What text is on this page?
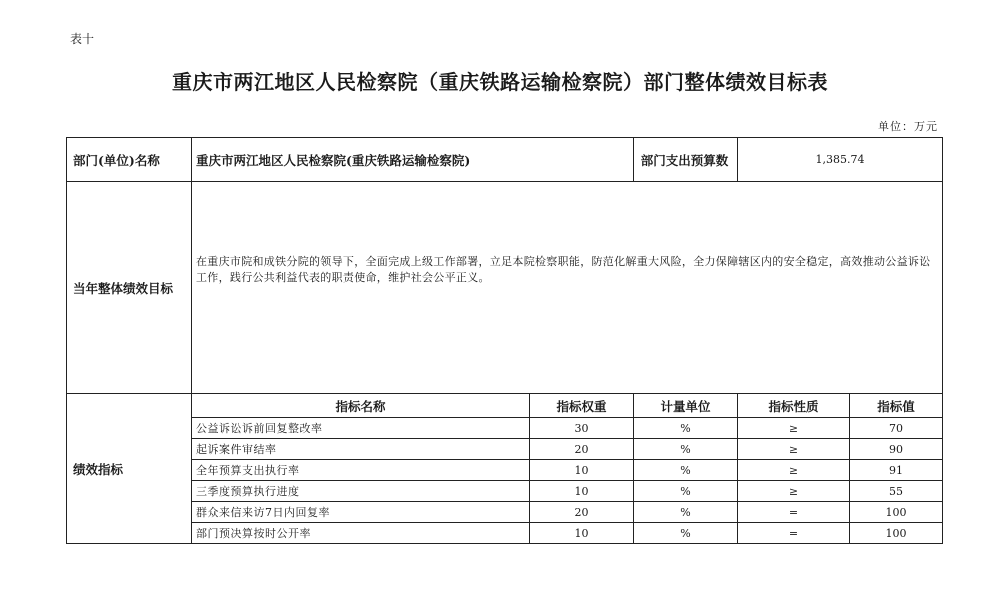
表十
重庆市两江地区人民检察院（重庆铁路运输检察院）部门整体绩效目标表
单位：万元
部门(单位)名称	重庆市两江地区人民检察院(重庆铁路运输检察院)		部门支出预算数	1,385.74	
当年整体绩效目标	在重庆市院和成铁分院的领导下，全面完成上级工作部署，立足本院检察职能，防范化解重大风险，全力保障辖区内的安全稳定，高效推动公益诉讼工作，践行公共利益代表的职责使命，维护社会公平正义。				
绩效指标	指标名称	指标权重	计量单位	指标性质	指标值
	公益诉讼诉前回复整改率	30	%	≥	70
	起诉案件审结率	20	%	≥	90
	全年预算支出执行率	10	%	≥	91
	三季度预算执行进度	10	%	≥	55
	群众来信来访7日内回复率	20	%	=	100
	部门预决算按时公开率	10	%	=	100
